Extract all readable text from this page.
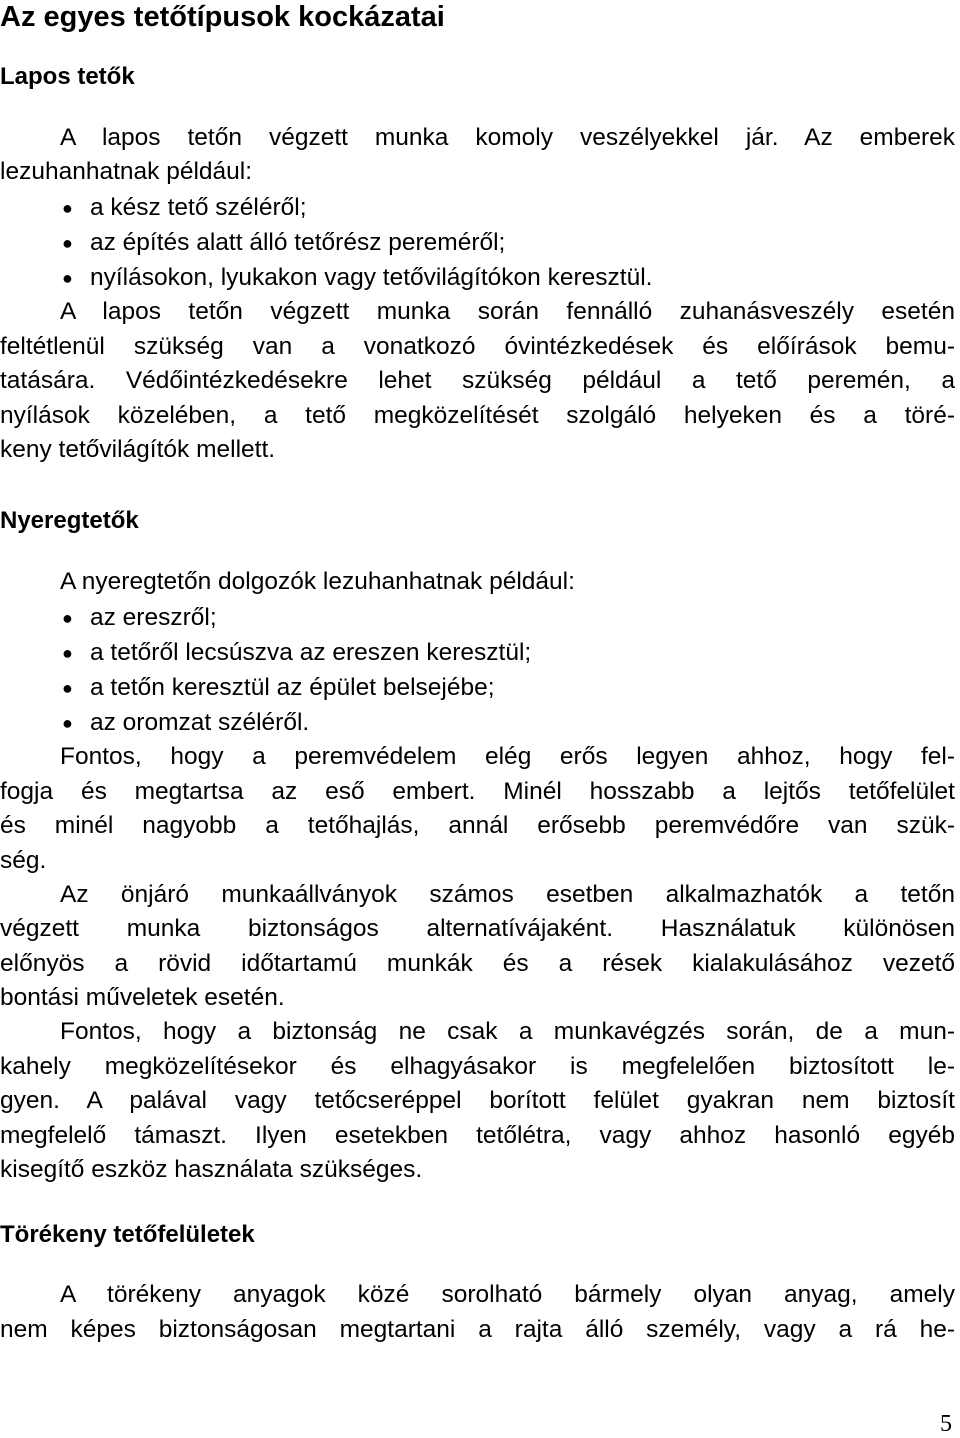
Az egyes tetőtípusok kockázatai
Lapos tetők
A lapos tetőn végzett munka komoly veszélyekkel jár. Az emberek
lezuhanhatnak például:
● a kész tető széléről;
● az építés alatt álló tetőrész pereméről;
● nyílásokon, lyukakon vagy tetővilágítókon keresztül.
A lapos tetőn végzett munka során fennálló zuhanásveszély esetén
feltétlenül szükség van a vonatkozó óvintézkedések és előírások bemu-
tatására. Védőintézkedésekre lehet szükség például a tető peremén, a
nyílások közelében, a tető megközelítését szolgáló helyeken és a töré-
keny tetővilágítók mellett.
Nyeregtetők
A nyeregtetőn dolgozók lezuhanhatnak például:
● az ereszről;
● a tetőről lecsúszva az ereszen keresztül;
● a tetőn keresztül az épület belsejébe;
● az oromzat széléről.
Fontos, hogy a peremvédelem elég erős legyen ahhoz, hogy fel-
fogja és megtartsa az eső embert. Minél hosszabb a lejtős tetőfelület
és minél nagyobb a tetőhajlás, annál erősebb peremvédőre van szük-
ség.
Az önjáró munkaállványok számos esetben alkalmazhatók a tetőn
végzett munka biztonságos alternatívájaként. Használatuk különösen
előnyös a rövid időtartamú munkák és a rések kialakulásához vezető
bontási műveletek esetén.
Fontos, hogy a biztonság ne csak a munkavégzés során, de a mun-
kahely megközelítésekor és elhagyásakor is megfelelően biztosított le-
gyen. A palával vagy tetőcseréppel borított felület gyakran nem biztosít
megfelelő támaszt. Ilyen esetekben tetőlétra, vagy ahhoz hasonló egyéb
kisegítő eszköz használata szükséges.
Törékeny tetőfelületek
A törékeny anyagok közé sorolható bármely olyan anyag, amely
nem képes biztonságosan megtartani a rajta álló személy, vagy a rá he-
5
